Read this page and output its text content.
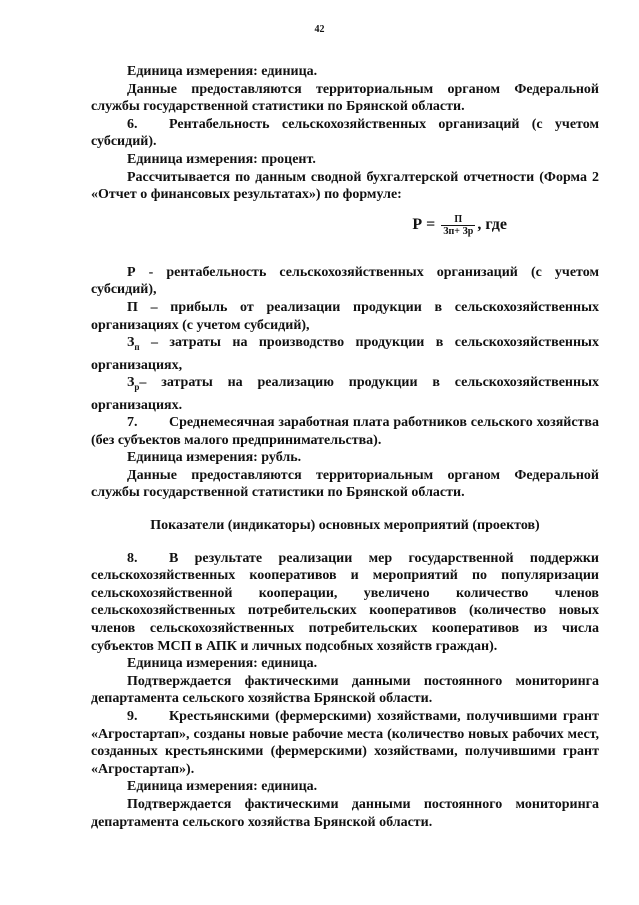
42

Единица измерения: единица.

Данные предоставляются территориальным органом Федеральной службы государственной статистики по Брянской области.

6. Рентабельность сельскохозяйственных организаций (с учетом субсидий).

Единица измерения: процент.

Рассчитывается по данным сводной бухгалтерской отчетности (Форма 2 «Отчет о финансовых результатах») по формуле:

$Р = \frac{П}{Зп+ Зр}$ , где

Р - рентабельность сельскохозяйственных организаций (с учетом субсидий),

П – прибыль от реализации продукции в сельскохозяйственных организациях (с учетом субсидий),

$З_п$ – затраты на производство продукции в сельскохозяйственных организациях,

$З_р-$ затраты на реализацию продукции в сельскохозяйственных организациях.

7. Среднемесячная заработная плата работников сельского хозяйства (без субъектов малого предпринимательства).

Единица измерения: рубль.

Данные предоставляются территориальным органом Федеральной службы государственной статистики по Брянской области.

Показатели (индикаторы) основных мероприятий (проектов)

8. В результате реализации мер государственной поддержки сельскохозяйственных кооперативов и мероприятий по популяризации сельскохозяйственной кооперации, увеличено количество членов сельскохозяйственных потребительских кооперативов (количество новых членов сельскохозяйственных потребительских кооперативов из числа субъектов МСП в АПК и личных подсобных хозяйств граждан).

Единица измерения: единица.

Подтверждается фактическими данными постоянного мониторинга департамента сельского хозяйства Брянской области.

9. Крестьянскими (фермерскими) хозяйствами, получившими грант «Агростартап», созданы новые рабочие места (количество новых рабочих мест, созданных крестьянскими (фермерскими) хозяйствами, получившими грант «Агростартап»).

Единица измерения: единица.

Подтверждается фактическими данными постоянного мониторинга департамента сельского хозяйства Брянской области.
